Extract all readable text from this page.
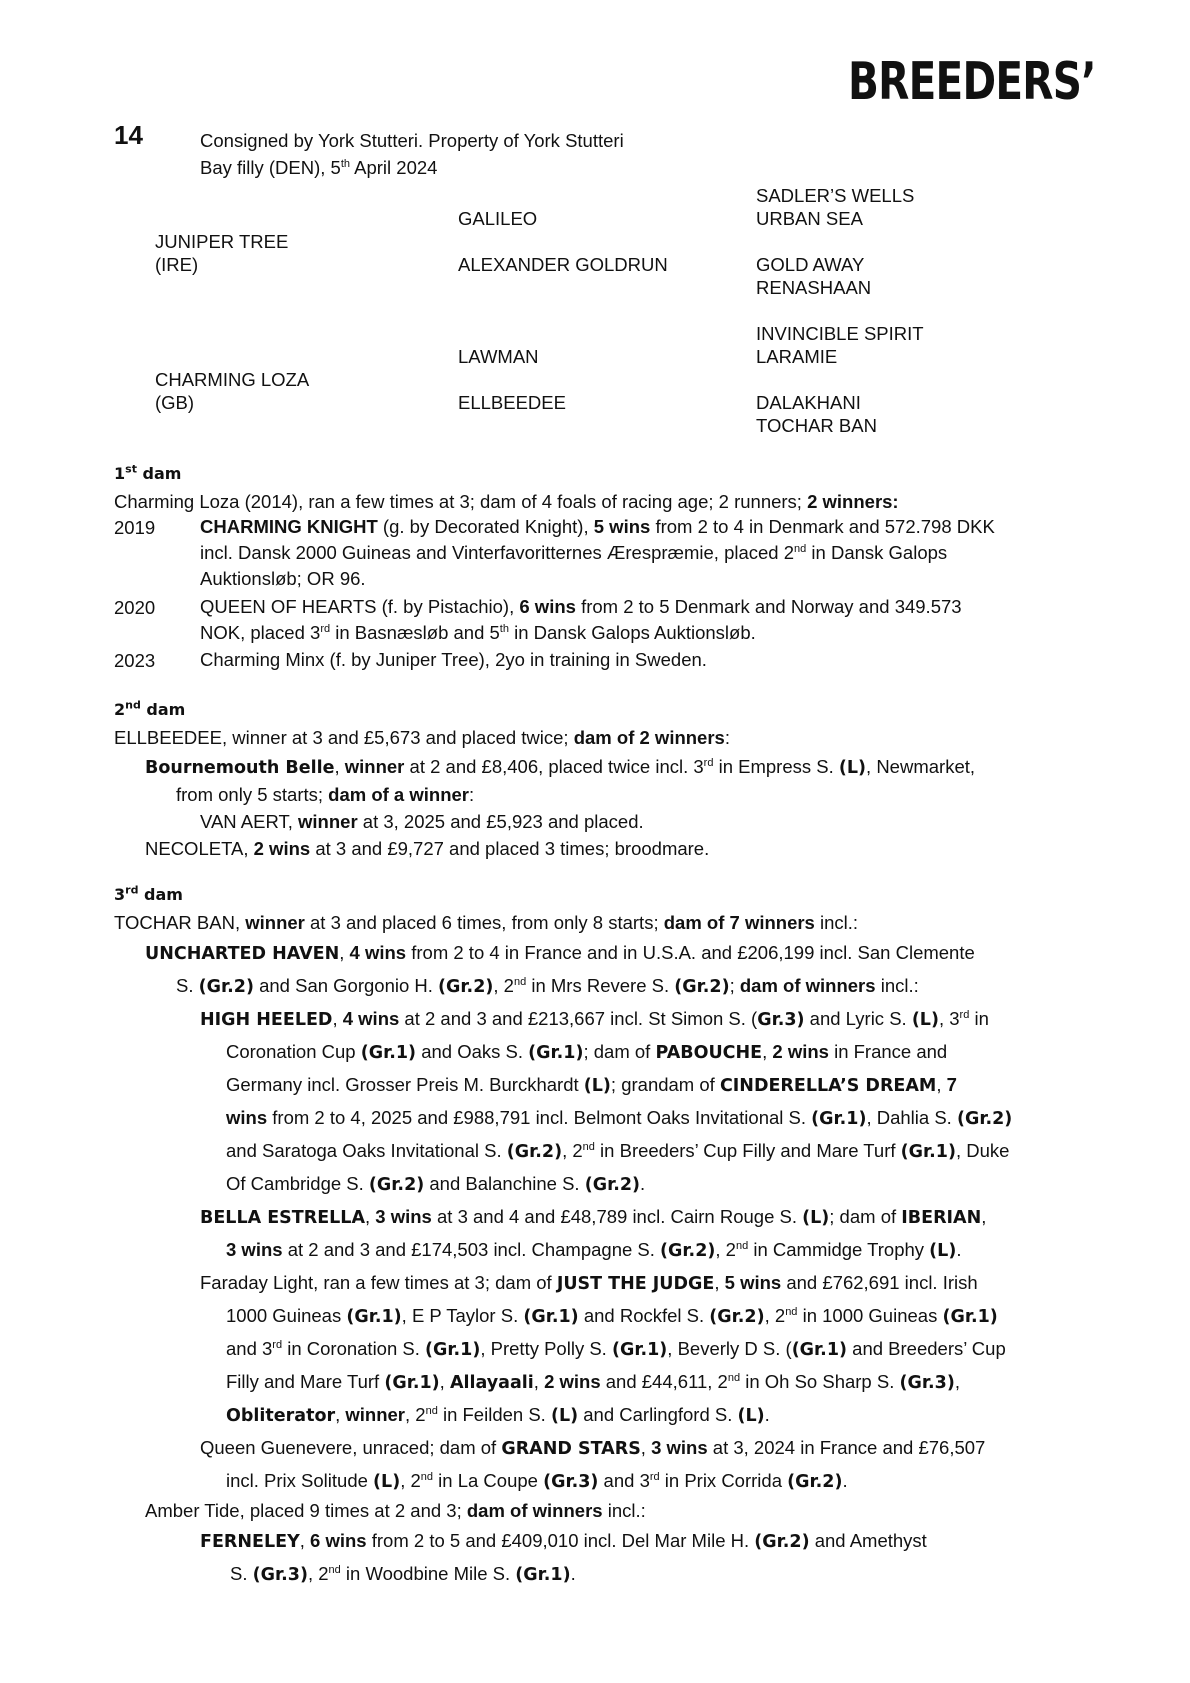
BREEDERS’
14	Consigned by York Stutteri. Property of York Stutteri
Bay filly (DEN), 5th April 2024
JUNIPER TREE
(IRE)
CHARMING LOZA
(GB)
GALILEO
ALEXANDER GOLDRUN
LAWMAN
ELLBEEDEE
SADLER’S WELLS
URBAN SEA
GOLD AWAY
RENASHAAN
INVINCIBLE SPIRIT
LARAMIE
DALAKHANI
TOCHAR BAN
1st dam
Charming Loza (2014), ran a few times at 3; dam of 4 foals of racing age; 2 runners; 2 winners:
2019 CHARMING KNIGHT (g. by Decorated Knight), 5 wins from 2 to 4 in Denmark and 572.798 DKK
incl. Dansk 2000 Guineas and Vinterfavoritternes Ærespræmie, placed 2nd in Dansk Galops
Auktionsløb; OR 96.
2020 QUEEN OF HEARTS (f. by Pistachio), 6 wins from 2 to 5 Denmark and Norway and 349.573
NOK, placed 3rd in Basnæsløb and 5th in Dansk Galops Auktionsløb.
2023 Charming Minx (f. by Juniper Tree), 2yo in training in Sweden.
2nd dam
ELLBEEDEE, winner at 3 and £5,673 and placed twice; dam of 2 winners:
Bournemouth Belle, winner at 2 and £8,406, placed twice incl. 3rd in Empress S. (L), Newmarket,
from only 5 starts; dam of a winner:
VAN AERT, winner at 3, 2025 and £5,923 and placed.
NECOLETA, 2 wins at 3 and £9,727 and placed 3 times; broodmare.
3rd dam
TOCHAR BAN, winner at 3 and placed 6 times, from only 8 starts; dam of 7 winners incl.:
UNCHARTED HAVEN, 4 wins from 2 to 4 in France and in U.S.A. and £206,199 incl. San Clemente
S. (Gr.2) and San Gorgonio H. (Gr.2), 2nd in Mrs Revere S. (Gr.2); dam of winners incl.:
HIGH HEELED, 4 wins at 2 and 3 and £213,667 incl. St Simon S. (Gr.3) and Lyric S. (L), 3rd in
Coronation Cup (Gr.1) and Oaks S. (Gr.1); dam of PABOUCHE, 2 wins in France and
Germany incl. Grosser Preis M. Burckhardt (L); grandam of CINDERELLA’S DREAM, 7
wins from 2 to 4, 2025 and £988,791 incl. Belmont Oaks Invitational S. (Gr.1), Dahlia S. (Gr.2)
and Saratoga Oaks Invitational S. (Gr.2), 2nd in Breeders’ Cup Filly and Mare Turf (Gr.1), Duke
Of Cambridge S. (Gr.2) and Balanchine S. (Gr.2).
BELLA ESTRELLA, 3 wins at 3 and 4 and £48,789 incl. Cairn Rouge S. (L); dam of IBERIAN,
3 wins at 2 and 3 and £174,503 incl. Champagne S. (Gr.2), 2nd in Cammidge Trophy (L).
Faraday Light, ran a few times at 3; dam of JUST THE JUDGE, 5 wins and £762,691 incl. Irish
1000 Guineas (Gr.1), E P Taylor S. (Gr.1) and Rockfel S. (Gr.2), 2nd in 1000 Guineas (Gr.1)
and 3rd in Coronation S. (Gr.1), Pretty Polly S. (Gr.1), Beverly D S. ((Gr.1) and Breeders’ Cup
Filly and Mare Turf (Gr.1), Allayaali, 2 wins and £44,611, 2nd in Oh So Sharp S. (Gr.3),
Obliterator, winner, 2nd in Feilden S. (L) and Carlingford S. (L).
Queen Guenevere, unraced; dam of GRAND STARS, 3 wins at 3, 2024 in France and £76,507
incl. Prix Solitude (L), 2nd in La Coupe (Gr.3) and 3rd in Prix Corrida (Gr.2).
Amber Tide, placed 9 times at 2 and 3; dam of winners incl.:
FERNELEY, 6 wins from 2 to 5 and £409,010 incl. Del Mar Mile H. (Gr.2) and Amethyst
S. (Gr.3), 2nd in Woodbine Mile S. (Gr.1).
